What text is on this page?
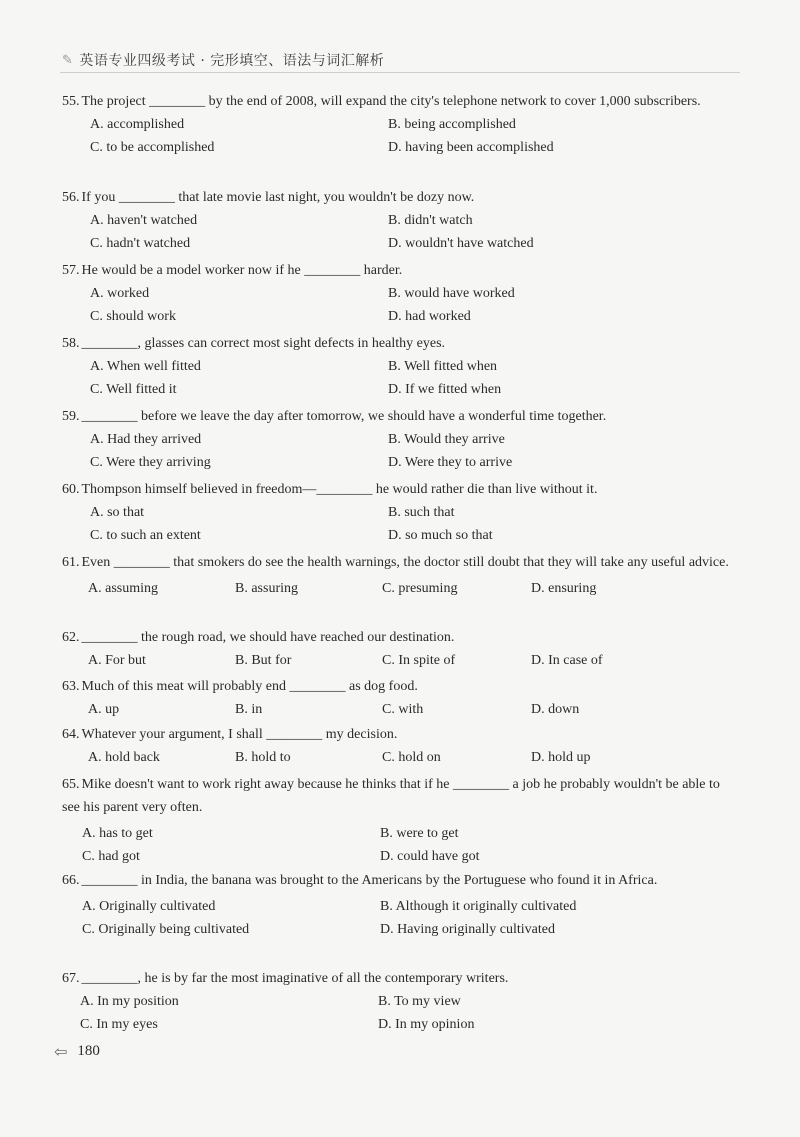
✎ 英语专业四级考试 · 完形填空、语法与词汇解析
55. The project ________ by the end of 2008, will expand the city's telephone network to cover 1,000 subscribers.
A. accomplished	B. being accomplished
C. to be accomplished	D. having been accomplished
56. If you ________ that late movie last night, you wouldn't be dozy now.
A. haven't watched	B. didn't watch
C. hadn't watched	D. wouldn't have watched
57. He would be a model worker now if he ________ harder.
A. worked	B. would have worked
C. should work	D. had worked
58. ________, glasses can correct most sight defects in healthy eyes.
A. When well fitted	B. Well fitted when
C. Well fitted it	D. If we fitted when
59. ________ before we leave the day after tomorrow, we should have a wonderful time together.
A. Had they arrived	B. Would they arrive
C. Were they arriving	D. Were they to arrive
60. Thompson himself believed in freedom—________ he would rather die than live without it.
A. so that	B. such that
C. to such an extent	D. so much so that
61. Even ________ that smokers do see the health warnings, the doctor still doubt that they will take any useful advice.
A. assuming	B. assuring	C. presuming	D. ensuring
62. ________ the rough road, we should have reached our destination.
A. For but	B. But for	C. In spite of	D. In case of
63. Much of this meat will probably end ________ as dog food.
A. up	B. in	C. with	D. down
64. Whatever your argument, I shall ________ my decision.
A. hold back	B. hold to	C. hold on	D. hold up
65. Mike doesn't want to work right away because he thinks that if he ________ a job he probably wouldn't be able to see his parent very often.
A. has to get	B. were to get
C. had got	D. could have got
66. ________ in India, the banana was brought to the Americans by the Portuguese who found it in Africa.
A. Originally cultivated	B. Although it originally cultivated
C. Originally being cultivated	D. Having originally cultivated
67. ________, he is by far the most imaginative of all the contemporary writers.
A. In my position	B. To my view
C. In my eyes	D. In my opinion
⇦ 180
